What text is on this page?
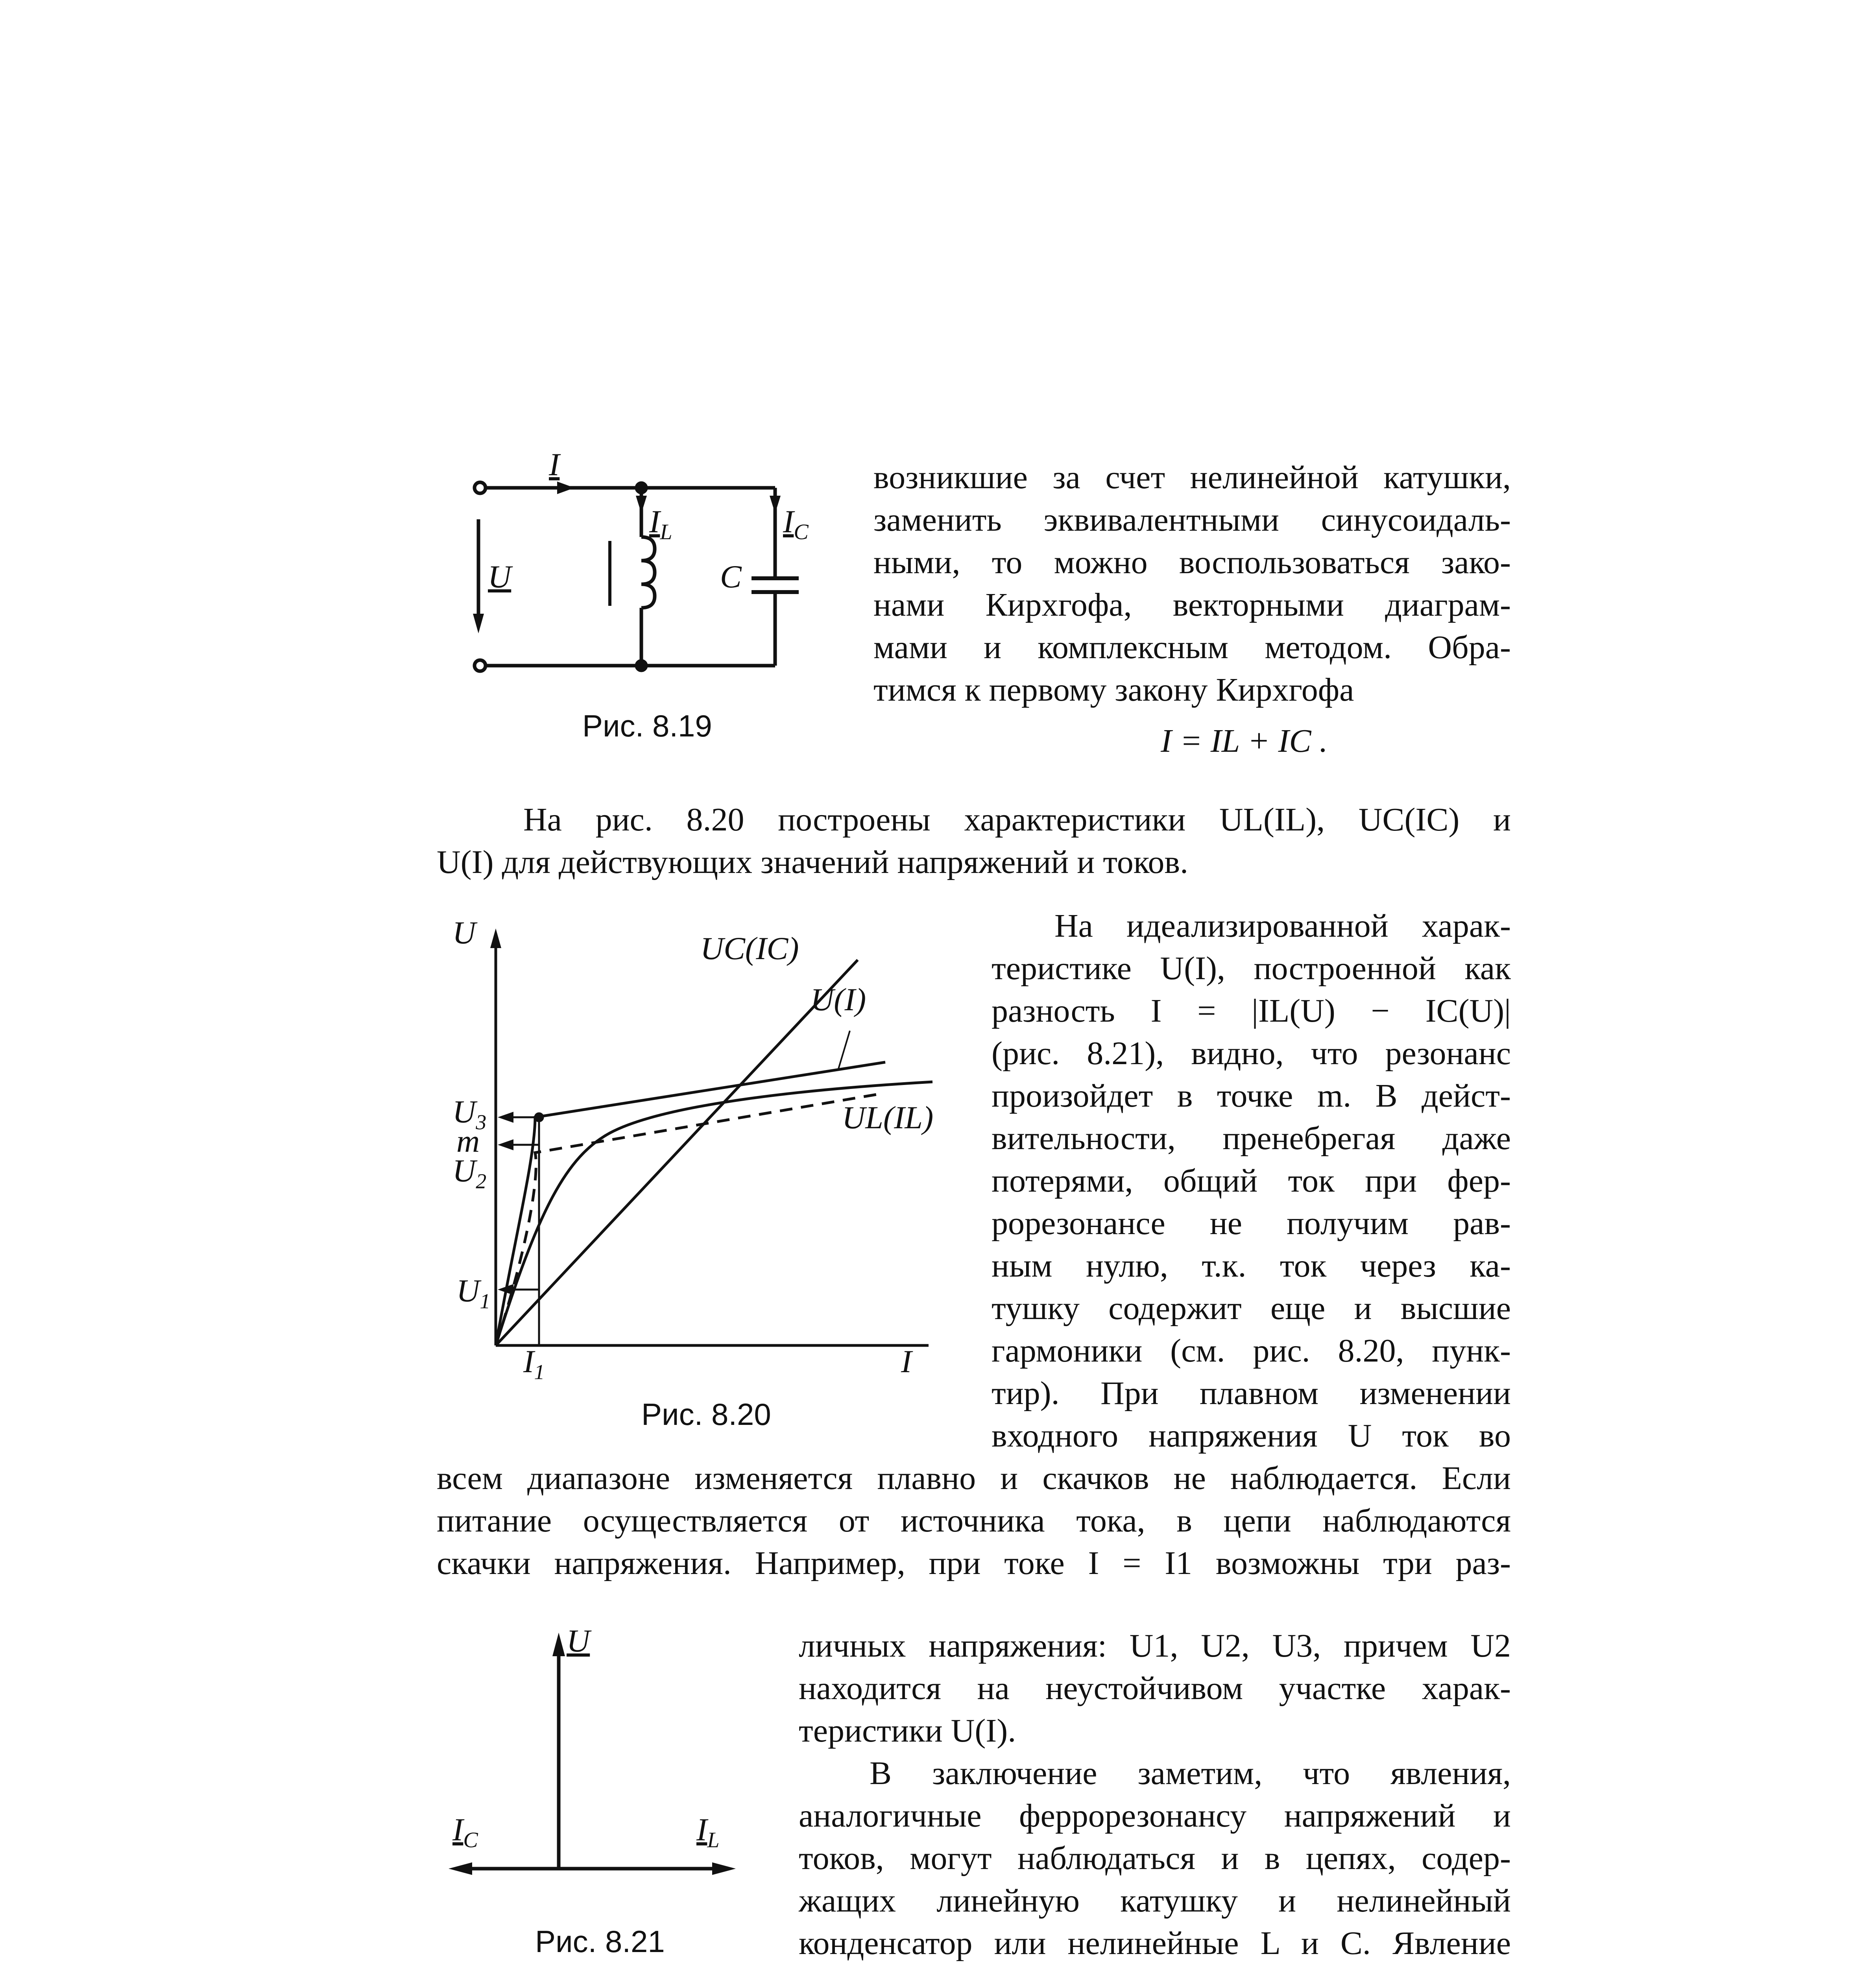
I
$I_L$	$I_C$
U	C
Рис. 8.19
возникшие за счет нелинейной катушки,
заменить эквивалентными синусоидаль-
ными, то можно воспользоваться зако-
нами Кирхгофа, векторными диаграм-
мами и комплексным методом. Обра-
тимся к первому закону Кирхгофа
I = IL + IC .
На рис. 8.20 построены характеристики UL(IL), UC(IC) и
U(I) для действующих значений напряжений и токов.
U
I
$I_1$
$U_3$
m
$U_2$
$U_1$
UC(IC)
U(I)
UL(IL)
Рис. 8.20
На идеализированной харак-
теристике U(I), построенной как
разность I = |IL(U) − IC(U)|
(рис. 8.21), видно, что резонанс
произойдет в точке m. В дейст-
вительности, пренебрегая даже
потерями, общий ток при фер-
рорезонансе не получим рав-
ным нулю, т.к. ток через ка-
тушку содержит еще и высшие
гармоники (см. рис. 8.20, пунк-
тир). При плавном изменении
входного напряжения U ток во
всем диапазоне изменяется плавно и скачков не наблюдается. Если
питание осуществляется от источника тока, в цепи наблюдаются
скачки напряжения. Например, при токе I = I1 возможны три раз-
U
$I_C$	$I_L$
Рис. 8.21
личных напряжения: U1, U2, U3, причем U2
находится на неустойчивом участке харак-
теристики U(I).
В заключение заметим, что явления,
аналогичные феррорезонансу напряжений и
токов, могут наблюдаться и в цепях, содер-
жащих линейную катушку и нелинейный
конденсатор или нелинейные L и C. Явление
